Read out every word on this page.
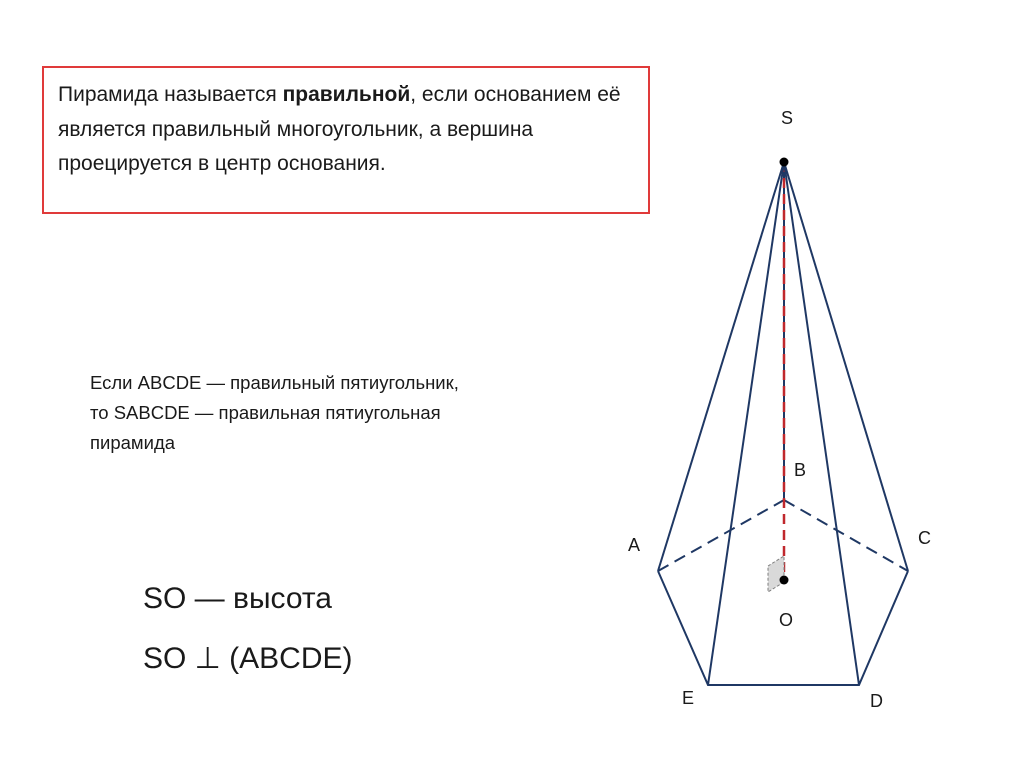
Пирамида называется правильной, если основанием её является правильный многоугольник, а вершина проецируется в центр основания.
Если ABCDE — правильный пятиугольник,
то SABCDE — правильная пятиугольная
пирамида
SO — высота
SO ⊥ (ABCDE)
S
B
A	C
O
E	D
